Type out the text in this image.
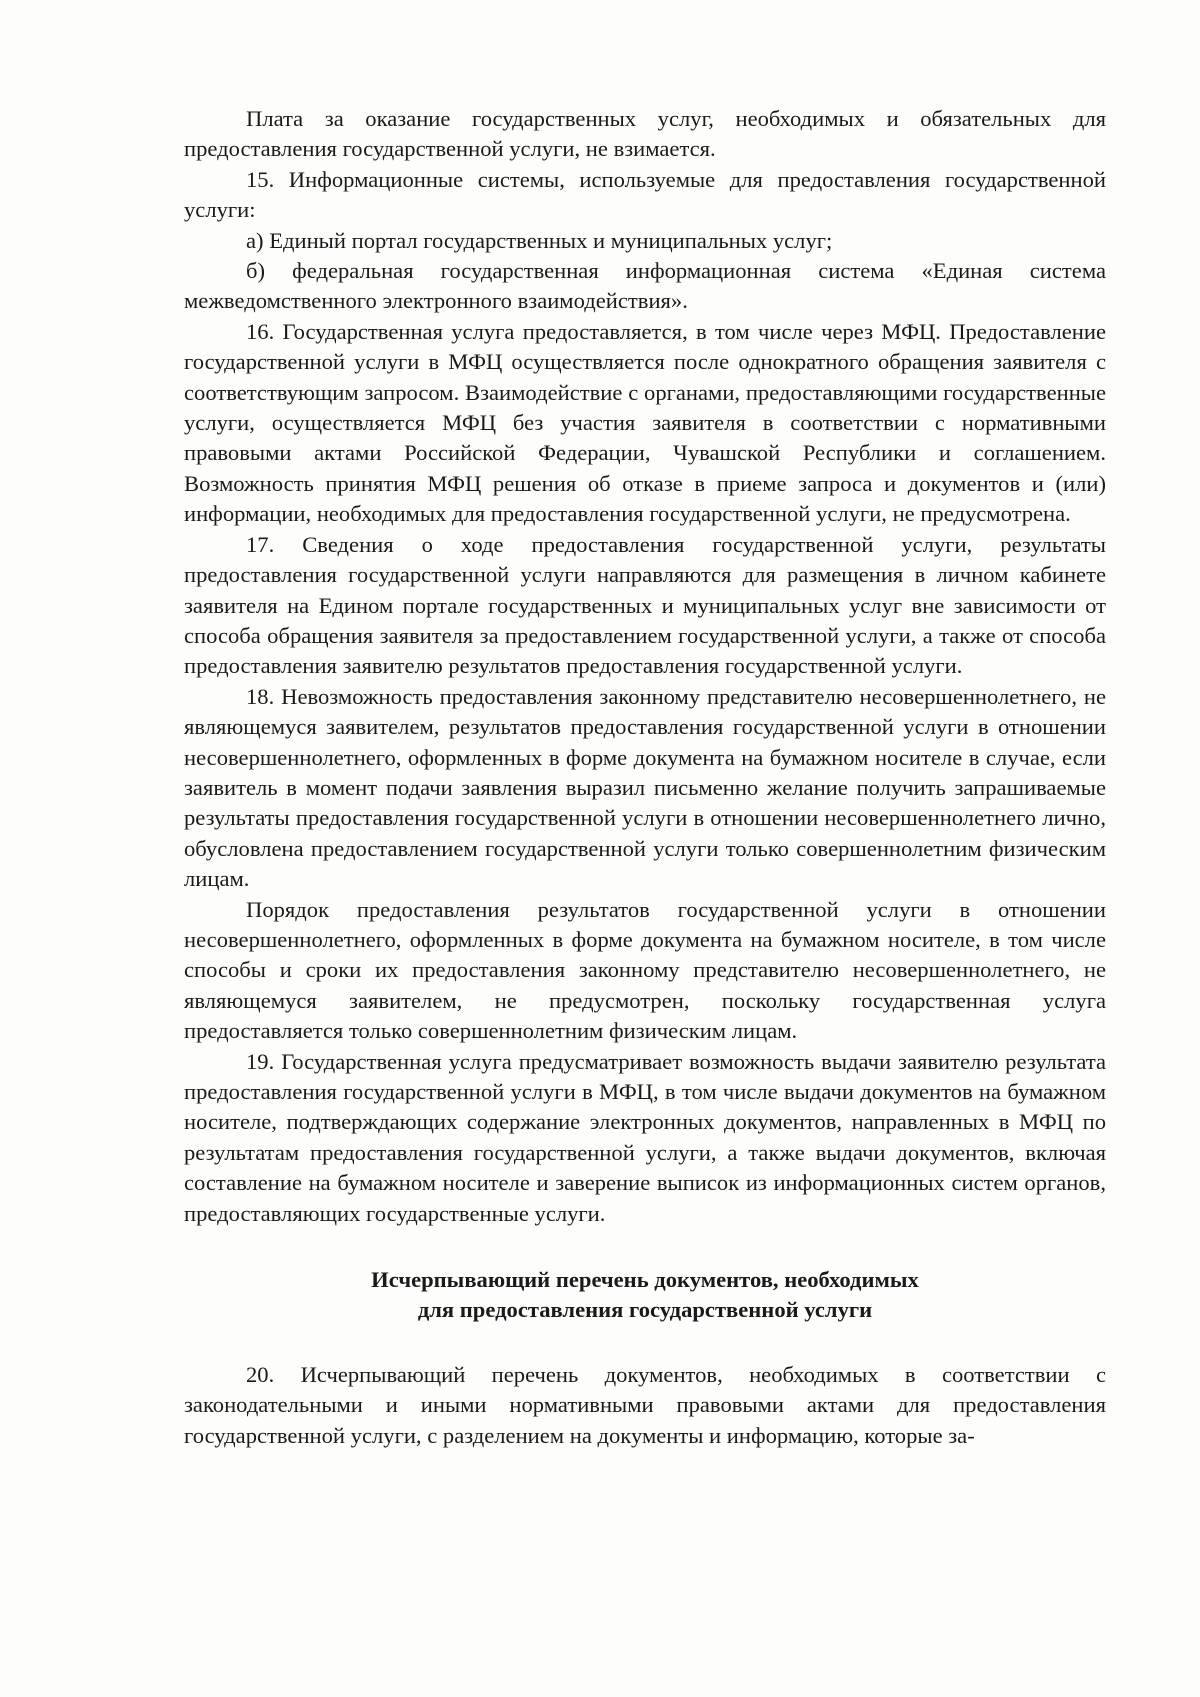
Плата за оказание государственных услуг, необходимых и обязательных для предоставления государственной услуги, не взимается.

15. Информационные системы, используемые для предоставления государственной услуги:

а) Единый портал государственных и муниципальных услуг;

б) федеральная государственная информационная система «Единая система межведомственного электронного взаимодействия».

16. Государственная услуга предоставляется, в том числе через МФЦ. Предоставление государственной услуги в МФЦ осуществляется после однократного обращения заявителя с соответствующим запросом. Взаимодействие с органами, предоставляющими государственные услуги, осуществляется МФЦ без участия заявителя в соответствии с нормативными правовыми актами Российской Федерации, Чувашской Республики и соглашением. Возможность принятия МФЦ решения об отказе в приеме запроса и документов и (или) информации, необходимых для предоставления государственной услуги, не предусмотрена.

17. Сведения о ходе предоставления государственной услуги, результаты предоставления государственной услуги направляются для размещения в личном кабинете заявителя на Едином портале государственных и муниципальных услуг вне зависимости от способа обращения заявителя за предоставлением государственной услуги, а также от способа предоставления заявителю результатов предоставления государственной услуги.

18. Невозможность предоставления законному представителю несовершеннолетнего, не являющемуся заявителем, результатов предоставления государственной услуги в отношении несовершеннолетнего, оформленных в форме документа на бумажном носителе в случае, если заявитель в момент подачи заявления выразил письменно желание получить запрашиваемые результаты предоставления государственной услуги в отношении несовершеннолетнего лично, обусловлена предоставлением государственной услуги только совершеннолетним физическим лицам.

Порядок предоставления результатов государственной услуги в отношении несовершеннолетнего, оформленных в форме документа на бумажном носителе, в том числе способы и сроки их предоставления законному представителю несовершеннолетнего, не являющемуся заявителем, не предусмотрен, поскольку государственная услуга предоставляется только совершеннолетним физическим лицам.

19. Государственная услуга предусматривает возможность выдачи заявителю результата предоставления государственной услуги в МФЦ, в том числе выдачи документов на бумажном носителе, подтверждающих содержание электронных документов, направленных в МФЦ по результатам предоставления государственной услуги, а также выдачи документов, включая составление на бумажном носителе и заверение выписок из информационных систем органов, предоставляющих государственные услуги.

Исчерпывающий перечень документов, необходимых
для предоставления государственной услуги

20. Исчерпывающий перечень документов, необходимых в соответствии с законодательными и иными нормативными правовыми актами для предоставления государственной услуги, с разделением на документы и информацию, которые за-
